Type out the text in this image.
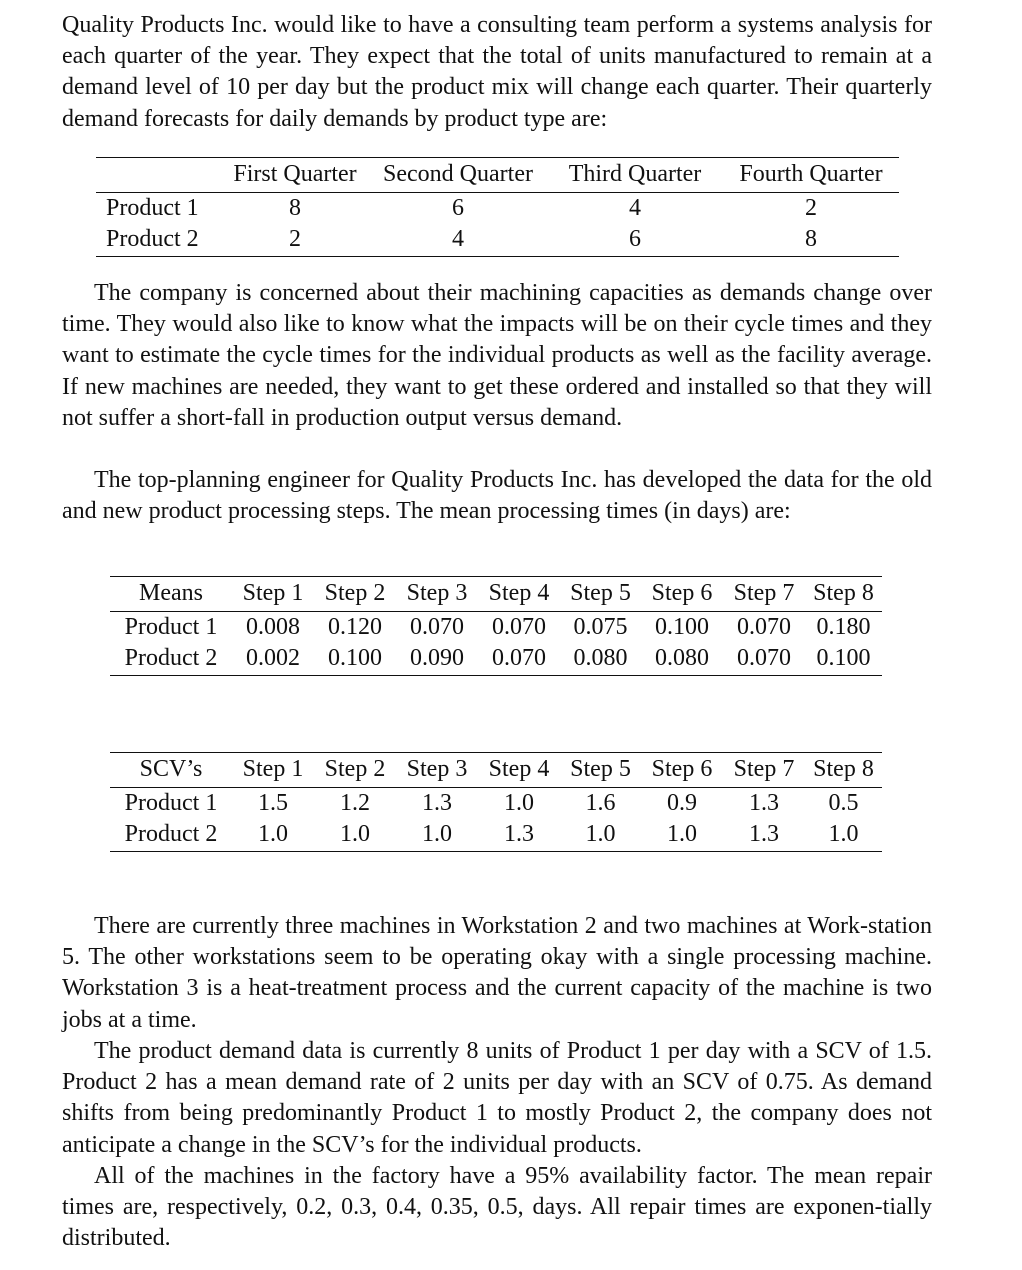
Quality Products Inc. would like to have a consulting team perform a systems analysis for each quarter of the year. They expect that the total of units manufactured to remain at a demand level of 10 per day but the product mix will change each quarter. Their quarterly demand forecasts for daily demands by product type are:

	First Quarter	Second Quarter	Third Quarter	Fourth Quarter
Product 1	8	6	4	2
Product 2	2	4	6	8

The company is concerned about their machining capacities as demands change over time. They would also like to know what the impacts will be on their cycle times and they want to estimate the cycle times for the individual products as well as the facility average. If new machines are needed, they want to get these ordered and installed so that they will not suffer a short-fall in production output versus demand.

The top-planning engineer for Quality Products Inc. has developed the data for the old and new product processing steps. The mean processing times (in days) are:

Means	Step 1	Step 2	Step 3	Step 4	Step 5	Step 6	Step 7	Step 8
Product 1	0.008	0.120	0.070	0.070	0.075	0.100	0.070	0.180
Product 2	0.002	0.100	0.090	0.070	0.080	0.080	0.070	0.100
SCV’s	Step 1	Step 2	Step 3	Step 4	Step 5	Step 6	Step 7	Step 8
Product 1	1.5	1.2	1.3	1.0	1.6	0.9	1.3	0.5
Product 2	1.0	1.0	1.0	1.3	1.0	1.0	1.3	1.0

There are currently three machines in Workstation 2 and two machines at Work-station 5. The other workstations seem to be operating okay with a single processing machine. Workstation 3 is a heat-treatment process and the current capacity of the machine is two jobs at a time.

The product demand data is currently 8 units of Product 1 per day with a SCV of 1.5. Product 2 has a mean demand rate of 2 units per day with an SCV of 0.75. As demand shifts from being predominantly Product 1 to mostly Product 2, the company does not anticipate a change in the SCV’s for the individual products.

All of the machines in the factory have a 95% availability factor. The mean repair times are, respectively, 0.2, 0.3, 0.4, 0.35, 0.5, days. All repair times are exponen-tially distributed.
